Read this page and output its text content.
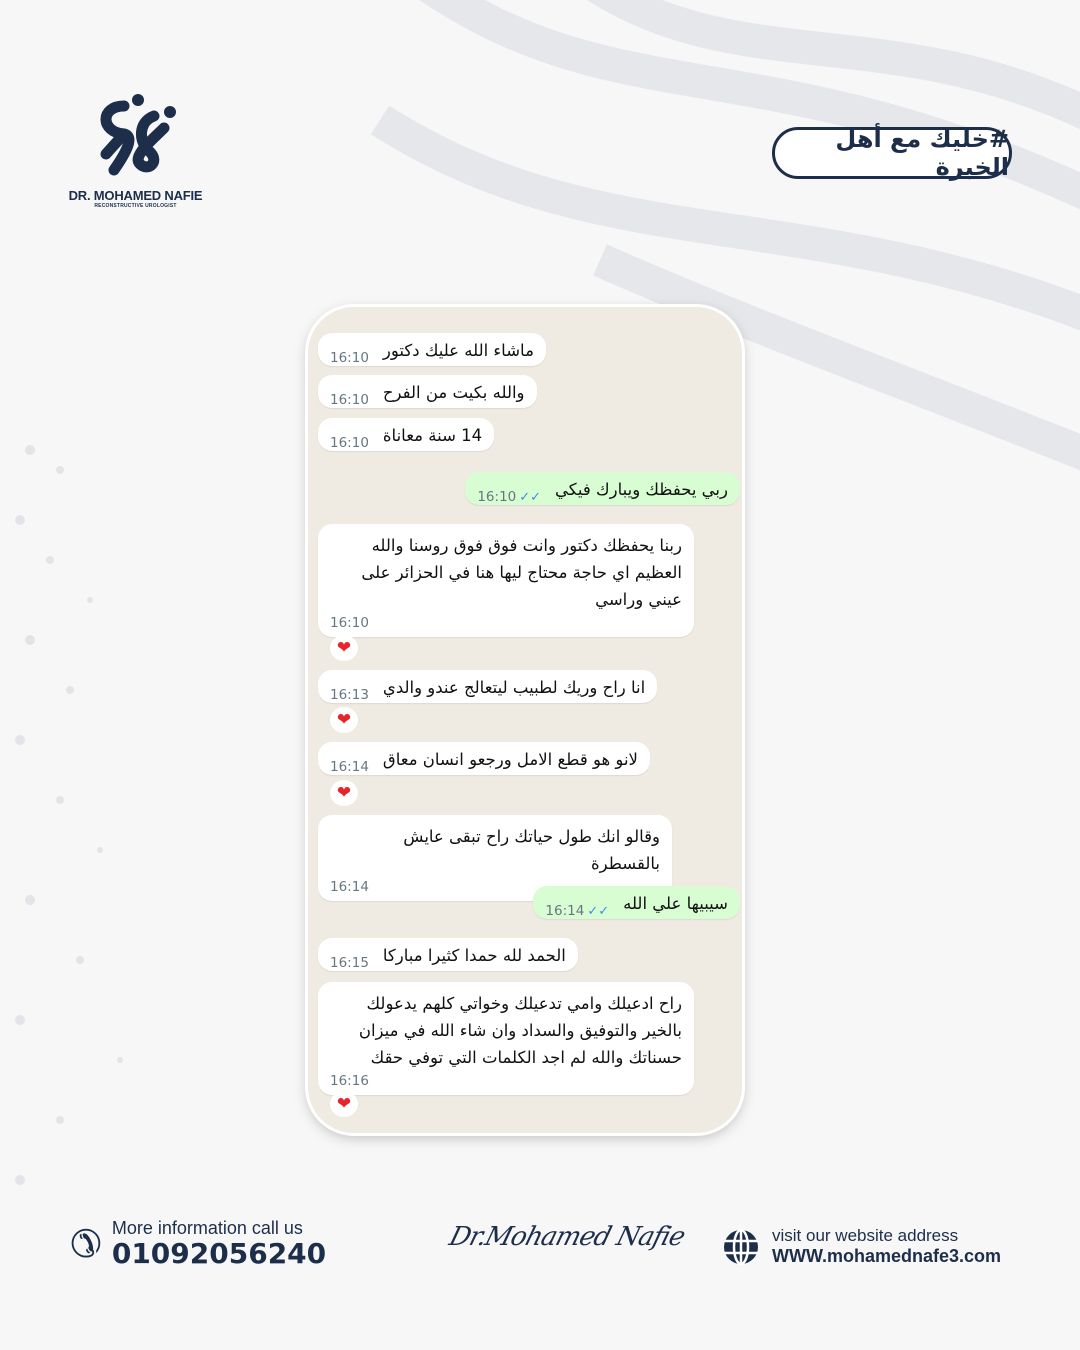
DR. MOHAMED NAFIE
RECONSTRUCTIVE UROLOGIST
#خليك مع أهل الخبرة
ماشاء الله عليك دكتور
16:10
والله بكيت من الفرح
16:10
14 سنة معاناة
16:10
ربي يحفظك ويبارك فيكي
16:10 ✓✓
ربنا يحفظك دكتور وانت فوق فوق روسنا والله العظيم اي حاجة محتاج ليها هنا في الحزائر على عيني وراسي
16:10
❤
انا راح وريك لطبيب ليتعالج عندو والدي
16:13
❤
لانو هو قطع الامل ورجعو انسان معاق
16:14
❤
وقالو انك طول حياتك راح تبقى عايش بالقسطرة
16:14
سيبيها علي الله
16:14 ✓✓
الحمد لله حمدا كثيرا مباركا
16:15
راح ادعيلك وامي تدعيلك وخواتي كلهم يدعولك بالخير والتوفيق والسداد وان شاء الله في ميزان حسناتك والله لم اجد الكلمات التي توفي حقك
16:16
❤
✆ More information call us
01092056240	Dr.Mohamed Nafie	visit our website address
WWW.mohamednafe3.com
